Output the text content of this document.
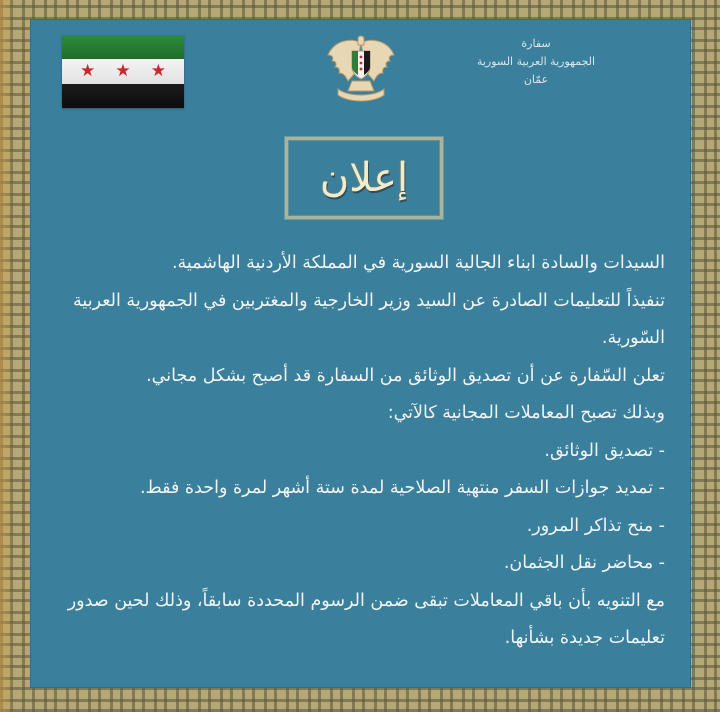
★ ★ ★
سفارة
الجمهورية العربية السورية
عمّان
إعلان

السيدات والسادة ابناء الجالية السورية في المملكة الأردنية الهاشمية.

تنفيذاً للتعليمات الصادرة عن السيد وزير الخارجية والمغتربين في الجمهورية العربية السّورية.

تعلن السّفارة عن أن تصديق الوثائق من السفارة قد أصبح بشكل مجاني.

وبذلك تصبح المعاملات المجانية كالآتي:

- تصديق الوثائق.

- تمديد جوازات السفر منتهية الصلاحية لمدة ستة أشهر لمرة واحدة فقط.

- منح تذاكر المرور.

- محاضر نقل الجثمان.

مع التنويه بأن باقي المعاملات تبقى ضمن الرسوم المحددة سابقاً، وذلك لحين صدور تعليمات جديدة بشأنها.
